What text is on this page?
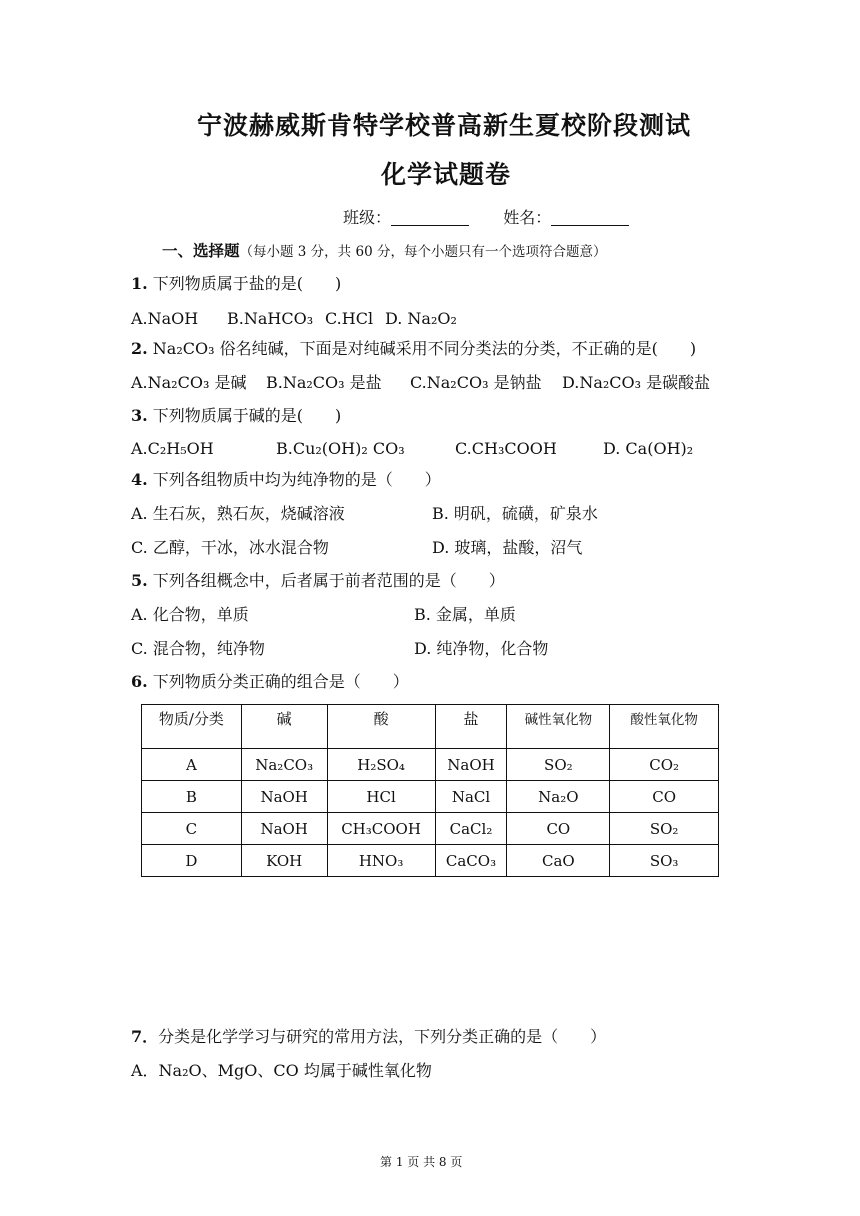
宁波赫威斯肯特学校普高新生夏校阶段测试
化学试题卷
班级：	姓名：
一、选择题（每小题 3 分，共 60 分，每个小题只有一个选项符合题意）
1. 下列物质属于盐的是(　　)
A.NaOH B.NaHCO₃ C.HCl D. Na₂O₂
2. Na₂CO₃ 俗名纯碱，下面是对纯碱采用不同分类法的分类，不正确的是(　　)
A.Na₂CO₃ 是碱 B.Na₂CO₃ 是盐 C.Na₂CO₃ 是钠盐 D.Na₂CO₃ 是碳酸盐
3. 下列物质属于碱的是(　　)
A.C₂H₅OH	B.Cu₂(OH)₂ CO₃	C.CH₃COOH	D. Ca(OH)₂
4. 下列各组物质中均为纯净物的是（　　）
A. 生石灰，熟石灰，烧碱溶液	B. 明矾，硫磺，矿泉水
C. 乙醇，干冰，冰水混合物	D. 玻璃，盐酸，沼气
5. 下列各组概念中，后者属于前者范围的是（　　）
A. 化合物，单质	B. 金属，单质
C. 混合物，纯净物	D. 纯净物，化合物
6. 下列物质分类正确的组合是（　　）
物质/分类	碱	酸	盐	碱性氧化物	酸性氧化物
A	Na₂CO₃	H₂SO₄	NaOH	SO₂	CO₂
B	NaOH	HCl	NaCl	Na₂O	CO
C	NaOH	CH₃COOH	CaCl₂	CO	SO₂
D	KOH	HNO₃	CaCO₃	CaO	SO₃
7．分类是化学学习与研究的常用方法，下列分类正确的是（　　）
A．Na₂O、MgO、CO 均属于碱性氧化物
第 1 页 共 8 页
